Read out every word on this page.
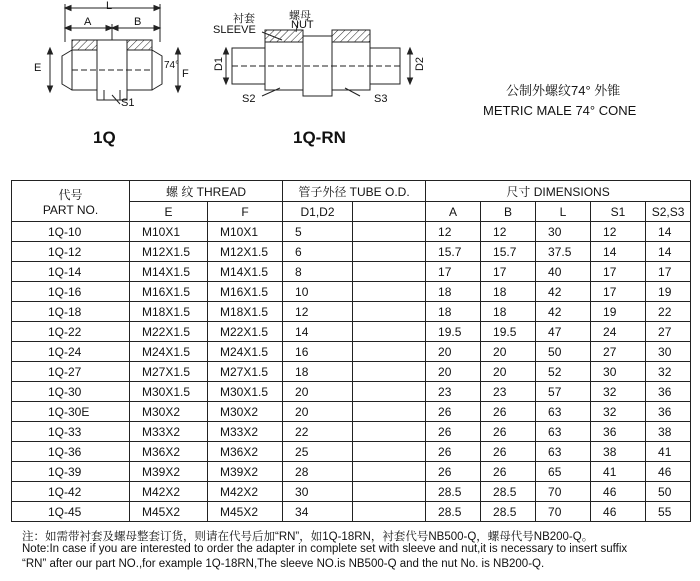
L
A	B
E	F
74°
S1
衬套
SLEEVE
螺母
NUT
D1	D2
S2	S3
1Q	1Q-RN
公制外螺纹74° 外锥
METRIC MALE 74° CONE
代号
PART NO.	螺 纹 THREAD		管子外径 TUBE O.D.		尺寸 DIMENSIONS				
	E	F	D1,D2		A	B	L	S1	S2,S3
1Q-10	M10X1	M10X1	5		12	12	30	12	14
1Q-12	M12X1.5	M12X1.5	6		15.7	15.7	37.5	14	14
1Q-14	M14X1.5	M14X1.5	8		17	17	40	17	17
1Q-16	M16X1.5	M16X1.5	10		18	18	42	17	19
1Q-18	M18X1.5	M18X1.5	12		18	18	42	19	22
1Q-22	M22X1.5	M22X1.5	14		19.5	19.5	47	24	27
1Q-24	M24X1.5	M24X1.5	16		20	20	50	27	30
1Q-27	M27X1.5	M27X1.5	18		20	20	52	30	32
1Q-30	M30X1.5	M30X1.5	20		23	23	57	32	36
1Q-30E	M30X2	M30X2	20		26	26	63	32	36
1Q-33	M33X2	M33X2	22		26	26	63	36	38
1Q-36	M36X2	M36X2	25		26	26	63	38	41
1Q-39	M39X2	M39X2	28		26	26	65	41	46
1Q-42	M42X2	M42X2	30		28.5	28.5	70	46	50
1Q-45	M45X2	M45X2	34		28.5	28.5	70	46	55
注：如需带衬套及螺母整套订货，则请在代号后加“RN”，如1Q-18RN，衬套代号NB500-Q，螺母代号NB200-Q。
Note:In case if you are interested to order the adapter in complete set with sleeve and nut,it is necessary to insert suffix
“RN” after our part NO.,for example 1Q-18RN,The sleeve NO.is NB500-Q and the nut No. is NB200-Q.
